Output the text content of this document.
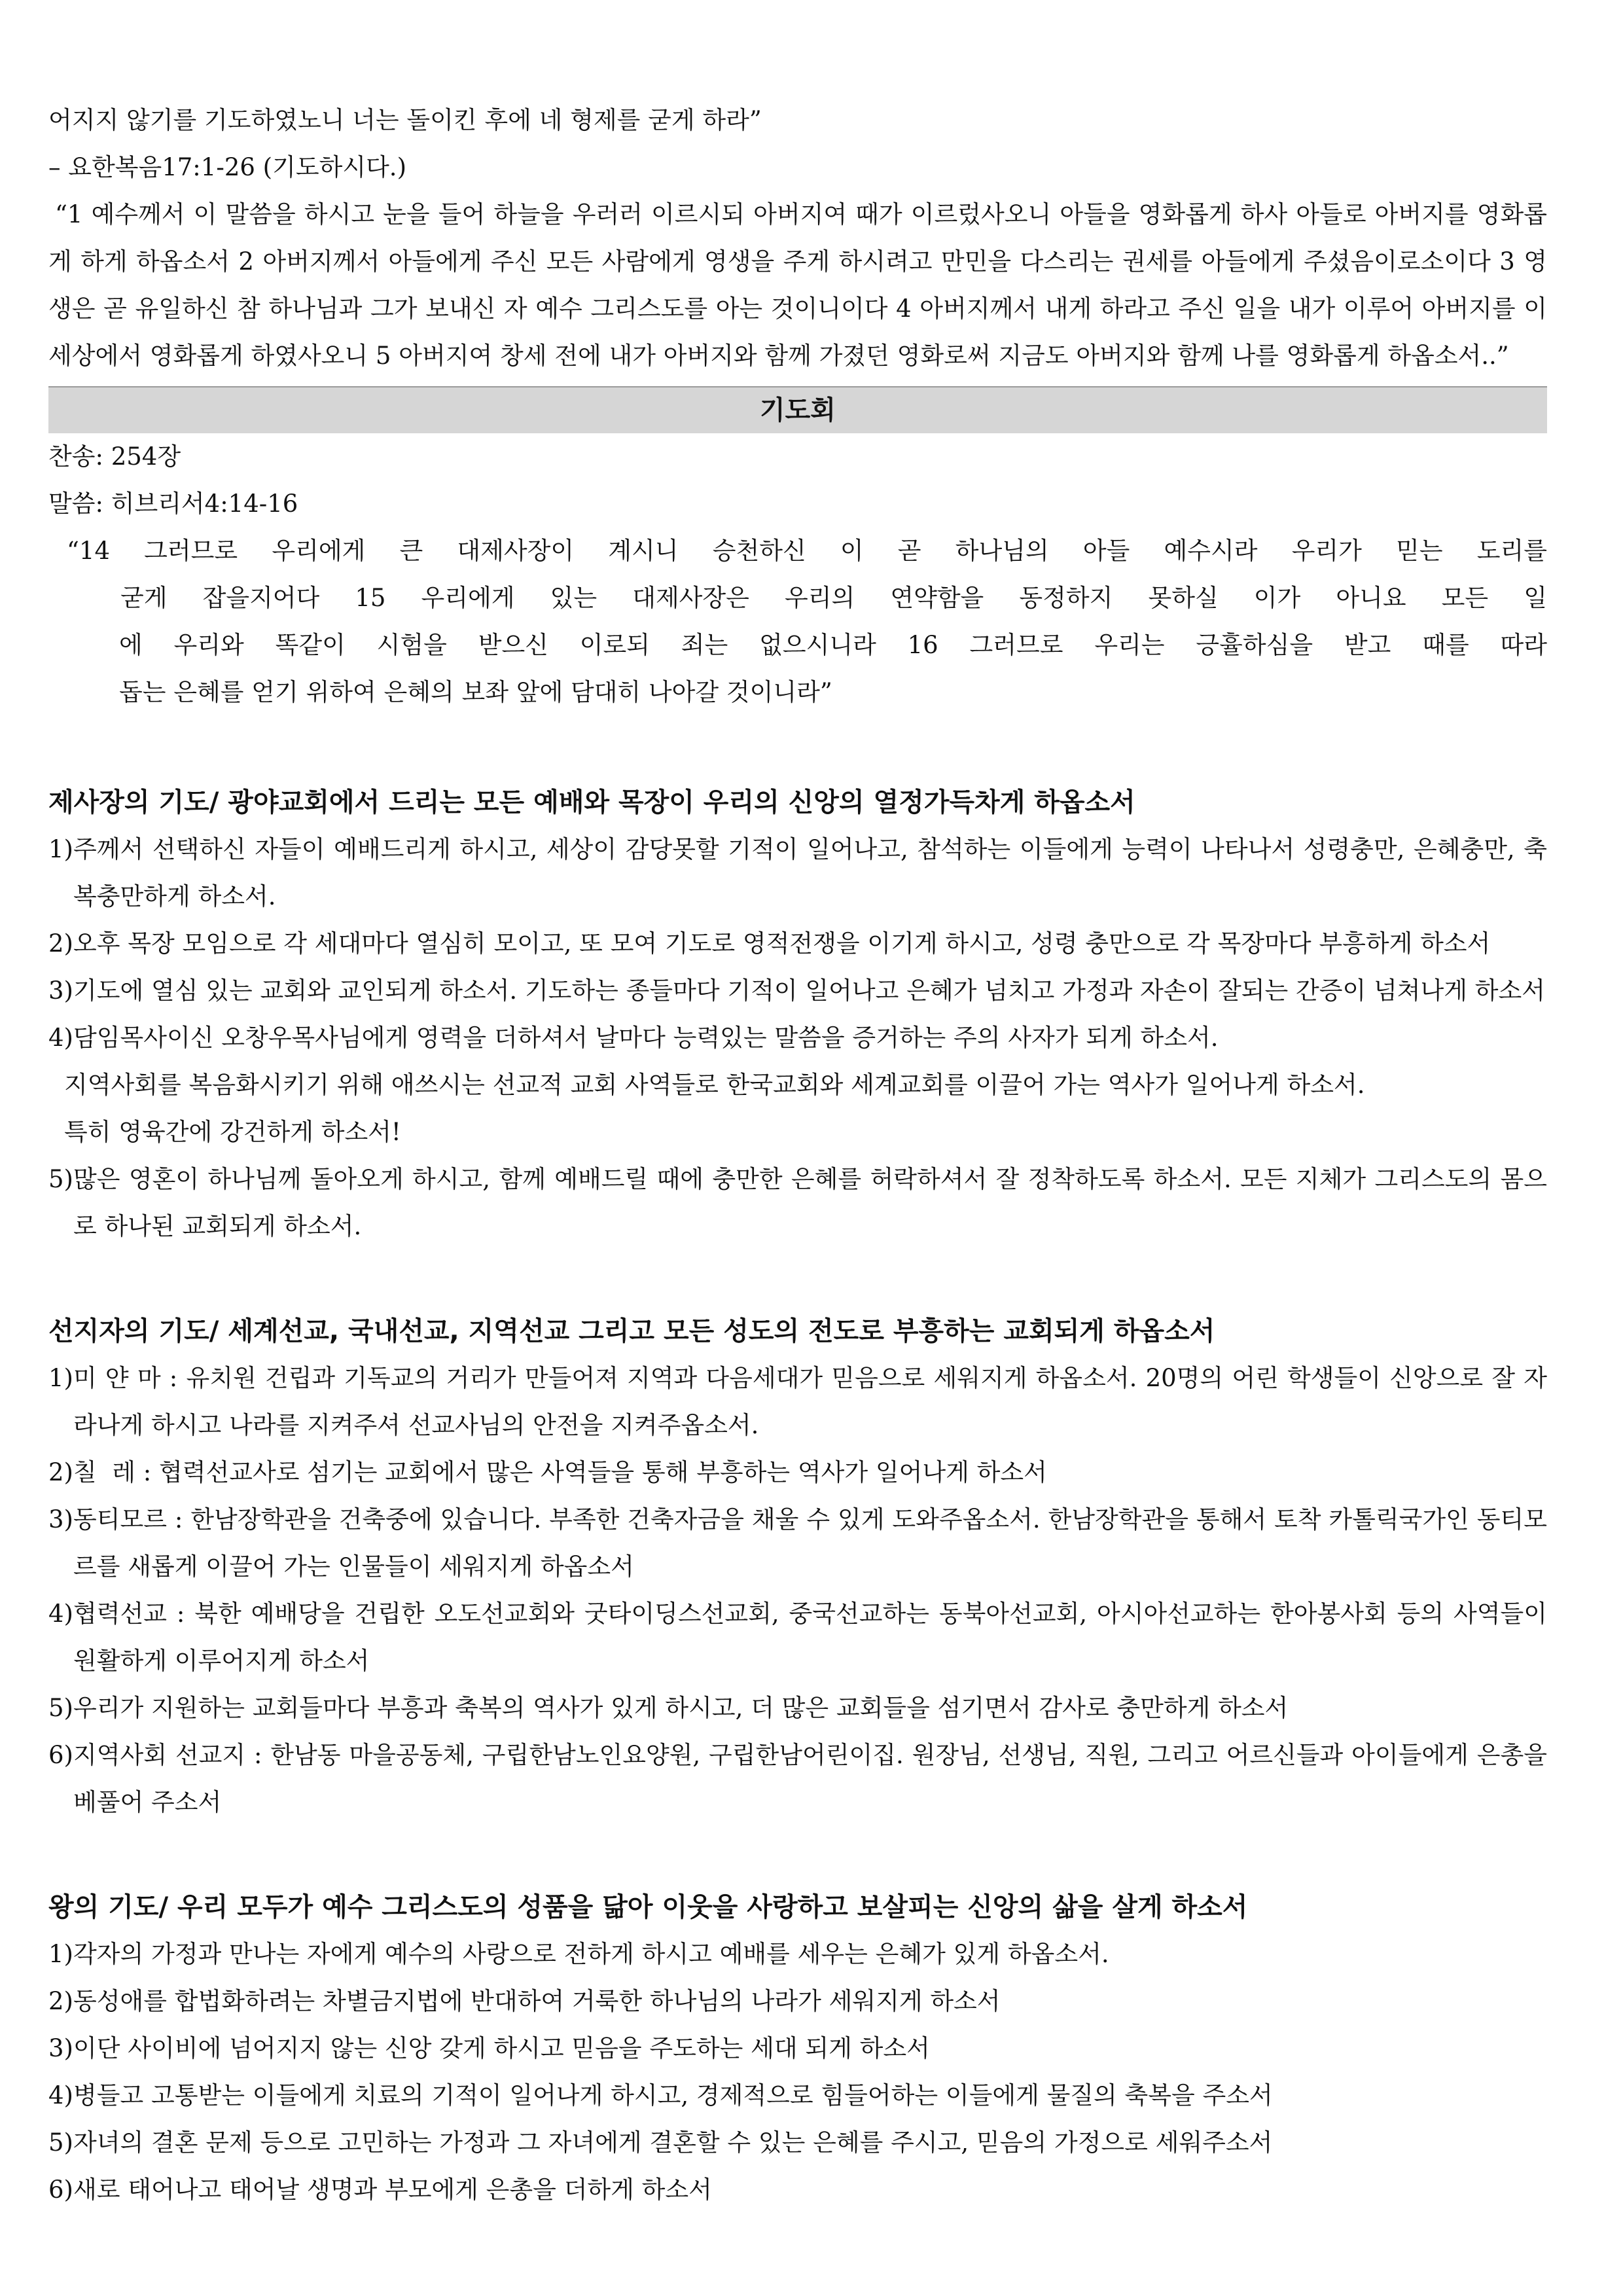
어지지 않기를 기도하였노니 너는 돌이킨 후에 네 형제를 굳게 하라”
– 요한복음17:1-26 (기도하시다.)
“1 예수께서 이 말씀을 하시고 눈을 들어 하늘을 우러러 이르시되 아버지여 때가 이르렀사오니 아들을 영화롭게 하사 아들로 아버지를 영화롭게 하게 하옵소서 2 아버지께서 아들에게 주신 모든 사람에게 영생을 주게 하시려고 만민을 다스리는 권세를 아들에게 주셨음이로소이다 3 영생은 곧 유일하신 참 하나님과 그가 보내신 자 예수 그리스도를 아는 것이니이다 4 아버지께서 내게 하라고 주신 일을 내가 이루어 아버지를 이 세상에서 영화롭게 하였사오니 5 아버지여 창세 전에 내가 아버지와 함께 가졌던 영화로써 지금도 아버지와 함께 나를 영화롭게 하옵소서..”
기도회
찬송: 254장
말씀: 히브리서4:14-16
“14 그러므로 우리에게 큰 대제사장이 계시니 승천하신 이 곧 하나님의 아들 예수시라 우리가 믿는 도리를
굳게 잡을지어다 15 우리에게 있는 대제사장은 우리의 연약함을 동정하지 못하실 이가 아니요 모든 일
에 우리와 똑같이 시험을 받으신 이로되 죄는 없으시니라 16 그러므로 우리는 긍휼하심을 받고 때를 따라
돕는 은혜를 얻기 위하여 은혜의 보좌 앞에 담대히 나아갈 것이니라”
제사장의 기도/ 광야교회에서 드리는 모든 예배와 목장이 우리의 신앙의 열정가득차게 하옵소서
1) 주께서 선택하신 자들이 예배드리게 하시고, 세상이 감당못할 기적이 일어나고, 참석하는 이들에게 능력이 나타나서 성령충만, 은혜충만, 축복충만하게 하소서.
2) 오후 목장 모임으로 각 세대마다 열심히 모이고, 또 모여 기도로 영적전쟁을 이기게 하시고, 성령 충만으로 각 목장마다 부흥하게 하소서
3) 기도에 열심 있는 교회와 교인되게 하소서. 기도하는 종들마다 기적이 일어나고 은혜가 넘치고 가정과 자손이 잘되는 간증이 넘쳐나게 하소서
4) 담임목사이신 오창우목사님에게 영력을 더하셔서 날마다 능력있는 말씀을 증거하는 주의 사자가 되게 하소서.
지역사회를 복음화시키기 위해 애쓰시는 선교적 교회 사역들로 한국교회와 세계교회를 이끌어 가는 역사가 일어나게 하소서.
특히 영육간에 강건하게 하소서!
5) 많은 영혼이 하나님께 돌아오게 하시고, 함께 예배드릴 때에 충만한 은혜를 허락하셔서 잘 정착하도록 하소서. 모든 지체가 그리스도의 몸으로 하나된 교회되게 하소서.
선지자의 기도/ 세계선교, 국내선교, 지역선교 그리고 모든 성도의 전도로 부흥하는 교회되게 하옵소서
1) 미 얀 마 : 유치원 건립과 기독교의 거리가 만들어져 지역과 다음세대가 믿음으로 세워지게 하옵소서. 20명의 어린 학생들이 신앙으로 잘 자라나게 하시고 나라를 지켜주셔 선교사님의 안전을 지켜주옵소서.
2) 칠  레 : 협력선교사로 섬기는 교회에서 많은 사역들을 통해 부흥하는 역사가 일어나게 하소서
3) 동티모르 : 한남장학관을 건축중에 있습니다. 부족한 건축자금을 채울 수 있게 도와주옵소서. 한남장학관을 통해서 토착 카톨릭국가인 동티모르를 새롭게 이끌어 가는 인물들이 세워지게 하옵소서
4) 협력선교 : 북한 예배당을 건립한 오도선교회와 굿타이딩스선교회, 중국선교하는 동북아선교회, 아시아선교하는 한아봉사회 등의 사역들이 원활하게 이루어지게 하소서
5) 우리가 지원하는 교회들마다 부흥과 축복의 역사가 있게 하시고, 더 많은 교회들을 섬기면서 감사로 충만하게 하소서
6) 지역사회 선교지 : 한남동 마을공동체, 구립한남노인요양원, 구립한남어린이집. 원장님, 선생님, 직원, 그리고 어르신들과 아이들에게 은총을 베풀어 주소서
왕의 기도/ 우리 모두가 예수 그리스도의 성품을 닮아 이웃을 사랑하고 보살피는 신앙의 삶을 살게 하소서
1) 각자의 가정과 만나는 자에게 예수의 사랑으로 전하게 하시고 예배를 세우는 은혜가 있게 하옵소서.
2) 동성애를 합법화하려는 차별금지법에 반대하여 거룩한 하나님의 나라가 세워지게 하소서
3) 이단 사이비에 넘어지지 않는 신앙 갖게 하시고 믿음을 주도하는 세대 되게 하소서
4) 병들고 고통받는 이들에게 치료의 기적이 일어나게 하시고, 경제적으로 힘들어하는 이들에게 물질의 축복을 주소서
5) 자녀의 결혼 문제 등으로 고민하는 가정과 그 자녀에게 결혼할 수 있는 은혜를 주시고, 믿음의 가정으로 세워주소서
6) 새로 태어나고 태어날 생명과 부모에게 은총을 더하게 하소서
